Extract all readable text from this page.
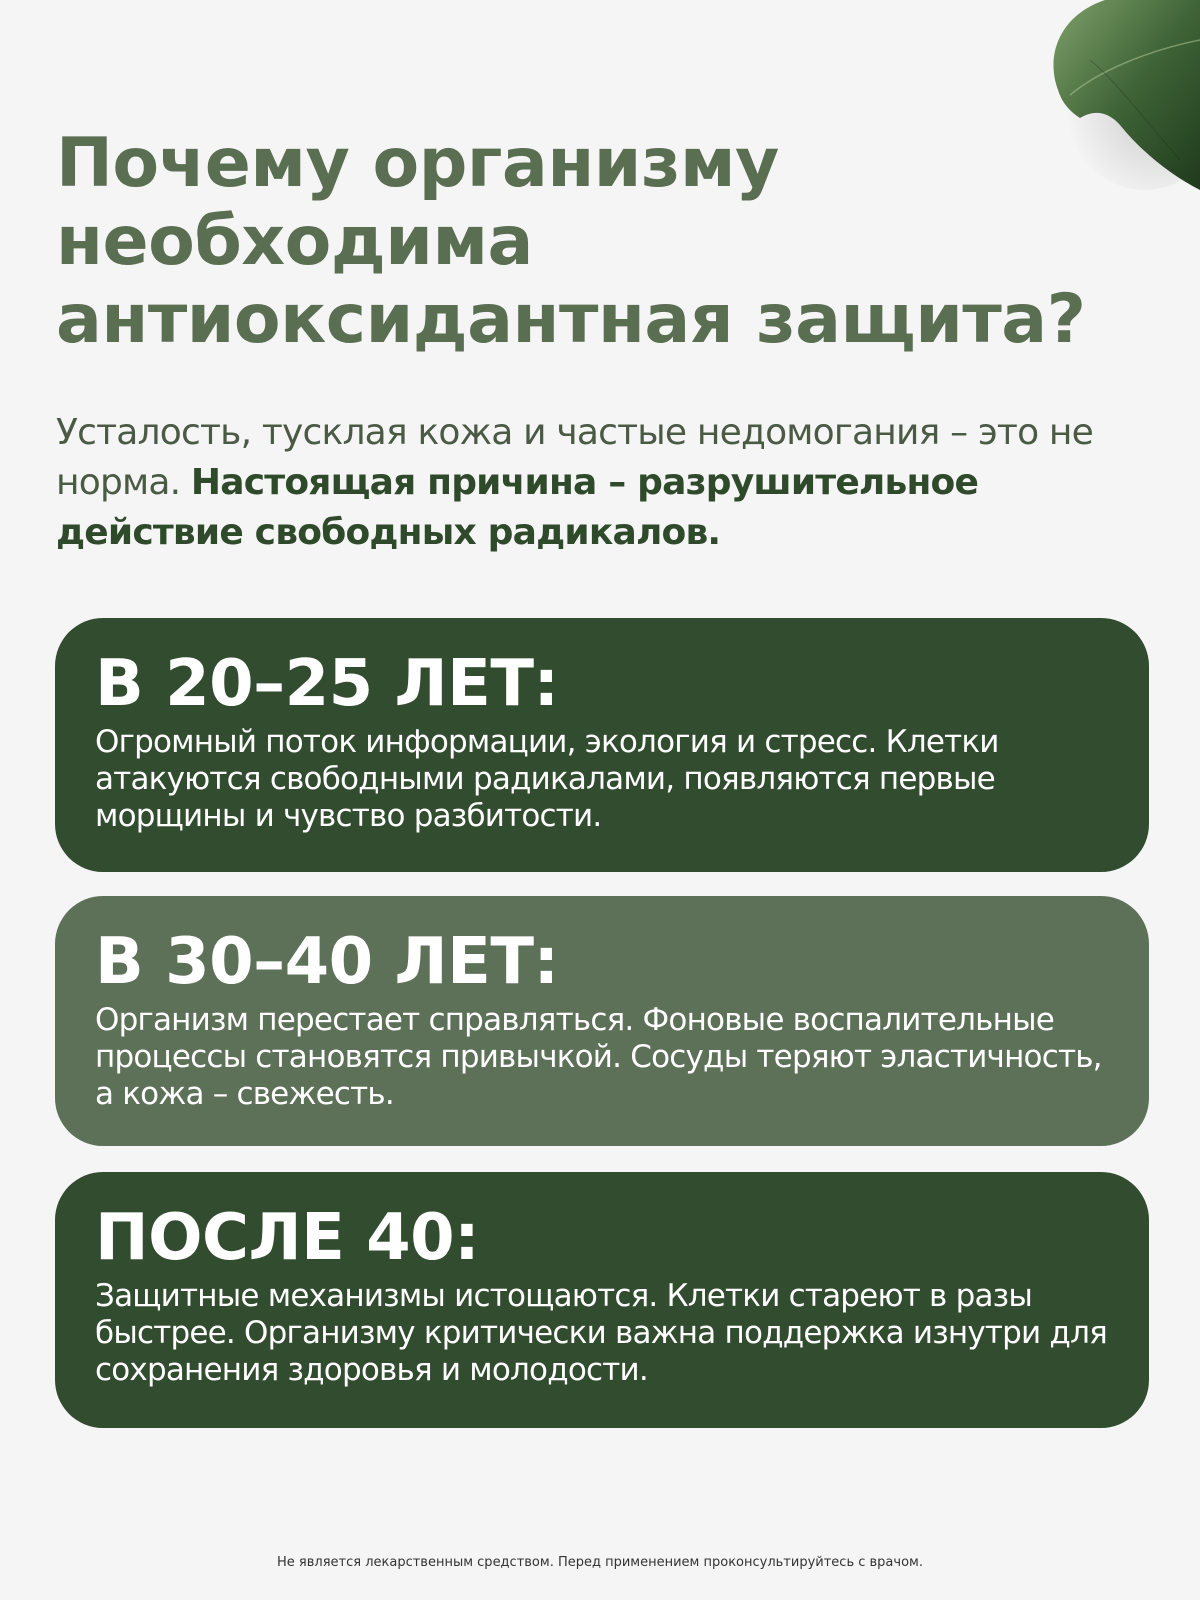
Почему организму
необходима
антиоксидантная защита?

Усталость, тусклая кожа и частые недомогания – это не норма. Настоящая причина – разрушительное действие свободных радикалов.

В 20–25 ЛЕТ:

Огромный поток информации, экология и стресс. Клетки атакуются свободными радикалами, появляются первые морщины и чувство разбитости.

В 30–40 ЛЕТ:

Организм перестает справляться. Фоновые воспалительные процессы становятся привычкой. Сосуды теряют эластичность, а кожа – свежесть.

ПОСЛЕ 40:

Защитные механизмы истощаются. Клетки стареют в разы быстрее. Организму критически важна поддержка изнутри для сохранения здоровья и молодости.

Не является лекарственным средством. Перед применением проконсультируйтесь с врачом.
